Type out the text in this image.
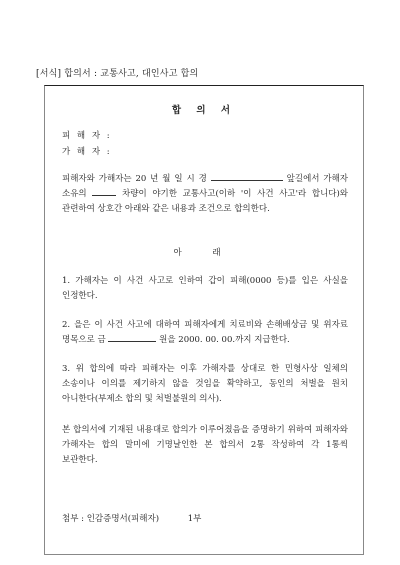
[서식] 합의서 : 교통사고, 대인사고 합의
합 의 서
피 해 자 :
가 해 자 :
피해자와 가해자는 20 년 월 일 시 경	앞길에서 가해자 소유의	차량이 야기한 교통사고(이하 '이 사건 사고'라 합니다)와 관련하여 상호간 아래와 같은 내용과 조건으로 합의한다.
아 래
1. 가해자는 이 사건 사고로 인하여 갑이 피해(0000 등)를 입은 사실을 인정한다.
2. 을은 이 사건 사고에 대하여 피해자에게 치료비와 손해배상금 및 위자료 명목으로 금	원을 2000. 00. 00.까지 지급한다.
3. 위 합의에 따라 피해자는 이후 가해자를 상대로 한 민형사상 일체의 소송이나 이의를 제기하지 않을 것임을 확약하고, 동인의 처벌을 원치 아니한다(부제소 합의 및 처벌불원의 의사).
본 합의서에 기재된 내용대로 합의가 이루어졌음을 증명하기 위하여 피해자와 가해자는 합의 말미에 기명날인한 본 합의서 2통 작성하여 각 1통씩 보관한다.
첨부 : 인감증명서(피해자)	1부
